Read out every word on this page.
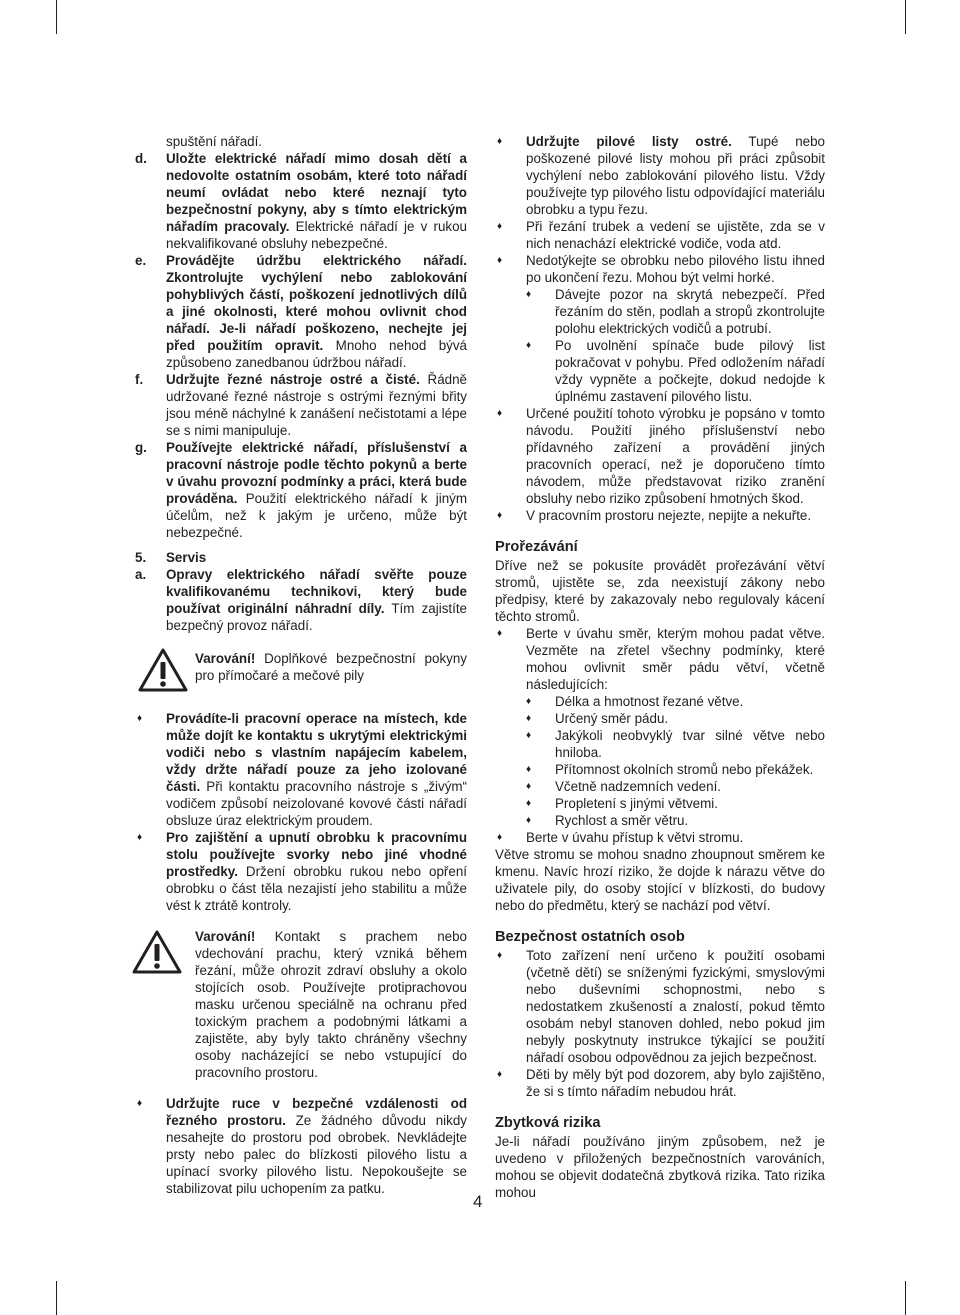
spuštění nářadí.
d. Uložte elektrické nářadí mimo dosah dětí a nedovolte ostatním osobám, které toto nářadí neumí ovládat nebo které neznají tyto bezpečnostní pokyny, aby s tímto elektrickým nářadím pracovaly. Elektrické nářadí je v rukou nekvalifikované obsluhy nebezpečné.
e. Provádějte údržbu elektrického nářadí. Zkontrolujte vychýlení nebo zablokování pohyblivých částí, poškození jednotlivých dílů a jiné okolnosti, které mohou ovlivnit chod nářadí. Je-li nářadí poškozeno, nechejte jej před použitím opravit. Mnoho nehod bývá způsobeno zanedbanou údržbou nářadí.
f. Udržujte řezné nástroje ostré a čisté. Řádně udržované řezné nástroje s ostrými řeznými břity jsou méně náchylné k zanášení nečistotami a lépe se s nimi manipuluje.
g. Používejte elektrické nářadí, příslušenství a pracovní nástroje podle těchto pokynů a berte v úvahu provozní podmínky a práci, která bude prováděna. Použití elektrického nářadí k jiným účelům, než k jakým je určeno, může být nebezpečné.
5. Servis
a. Opravy elektrického nářadí svěřte pouze kvalifikovanému technikovi, který bude používat originální náhradní díly. Tím zajistíte bezpečný provoz nářadí.
Varování! Doplňkové bezpečnostní pokyny pro přímočaré a mečové pily
♦ Provádíte-li pracovní operace na místech, kde může dojít ke kontaktu s ukrytými elektrickými vodiči nebo s vlastním napájecím kabelem, vždy držte nářadí pouze za jeho izolované části. Při kontaktu pracovního nástroje s „živým“ vodičem způsobí neizolované kovové části nářadí obsluze úraz elektrickým proudem.
♦ Pro zajištění a upnutí obrobku k pracovnímu stolu používejte svorky nebo jiné vhodné prostředky. Držení obrobku rukou nebo opření obrobku o část těla nezajistí jeho stabilitu a může vést k ztrátě kontroly.
Varování! Kontakt s prachem nebo vdechování prachu, který vzniká během řezání, může ohrozit zdraví obsluhy a okolo stojících osob. Používejte protiprachovou masku určenou speciálně na ochranu před toxickým prachem a podobnými látkami a zajistěte, aby byly takto chráněny všechny osoby nacházející se nebo vstupující do pracovního prostoru.
♦ Udržujte ruce v bezpečné vzdálenosti od řezného prostoru. Ze žádného důvodu nikdy nesahejte do prostoru pod obrobek. Nevkládejte prsty nebo palec do blízkosti pilového listu a upínací svorky pilového listu. Nepokoušejte se stabilizovat pilu uchopením za patku.
♦ Udržujte pilové listy ostré. Tupé nebo poškozené pilové listy mohou při práci způsobit vychýlení nebo zablokování pilového listu. Vždy používejte typ pilového listu odpovídající materiálu obrobku a typu řezu.
♦ Při řezání trubek a vedení se ujistěte, zda se v nich nenachází elektrické vodiče, voda atd.
♦ Nedotýkejte se obrobku nebo pilového listu ihned po ukončení řezu. Mohou být velmi horké.
♦ Dávejte pozor na skrytá nebezpečí. Před řezáním do stěn, podlah a stropů zkontrolujte polohu elektrických vodičů a potrubí.
♦ Po uvolnění spínače bude pilový list pokračovat v pohybu. Před odložením nářadí vždy vypněte a počkejte, dokud nedojde k úplnému zastavení pilového listu.
♦ Určené použití tohoto výrobku je popsáno v tomto návodu. Použití jiného příslušenství nebo přídavného zařízení a provádění jiných pracovních operací, než je doporučeno tímto návodem, může představovat riziko zranění obsluhy nebo riziko způsobení hmotných škod.
♦ V pracovním prostoru nejezte, nepijte a nekuřte.
Prořezávání

Dříve než se pokusíte provádět prořezávání větví stromů, ujistěte se, zda neexistují zákony nebo předpisy, které by zakazovaly nebo regulovaly kácení těchto stromů.

♦ Berte v úvahu směr, kterým mohou padat větve. Vezměte na zřetel všechny podmínky, které mohou ovlivnit směr pádu větví, včetně následujících:
♦ Délka a hmotnost řezané větve.
♦ Určený směr pádu.
♦ Jakýkoli neobvyklý tvar silné větve nebo hniloba.
♦ Přítomnost okolních stromů nebo překážek.
♦ Včetně nadzemních vedení.
♦ Propletení s jinými větvemi.
♦ Rychlost a směr větru.
♦ Berte v úvahu přístup k větvi stromu.

Větve stromu se mohou snadno zhoupnout směrem ke kmenu. Navíc hrozí riziko, že dojde k nárazu větve do uživatele pily, do osoby stojící v blízkosti, do budovy nebo do předmětu, který se nachází pod větví.

Bezpečnost ostatních osob
♦ Toto zařízení není určeno k použití osobami (včetně dětí) se sníženými fyzickými, smyslovými nebo duševními schopnostmi, nebo s nedostatkem zkušeností a znalostí, pokud těmto osobám nebyl stanoven dohled, nebo pokud jim nebyly poskytnuty instrukce týkající se použití nářadí osobou odpovědnou za jejich bezpečnost.
♦ Děti by měly být pod dozorem, aby bylo zajištěno, že si s tímto nářadím nebudou hrát.
Zbytková rizika

Je-li nářadí používáno jiným způsobem, než je uvedeno v přiložených bezpečnostních varováních, mohou se objevit dodatečná zbytková rizika. Tato rizika mohou

4
